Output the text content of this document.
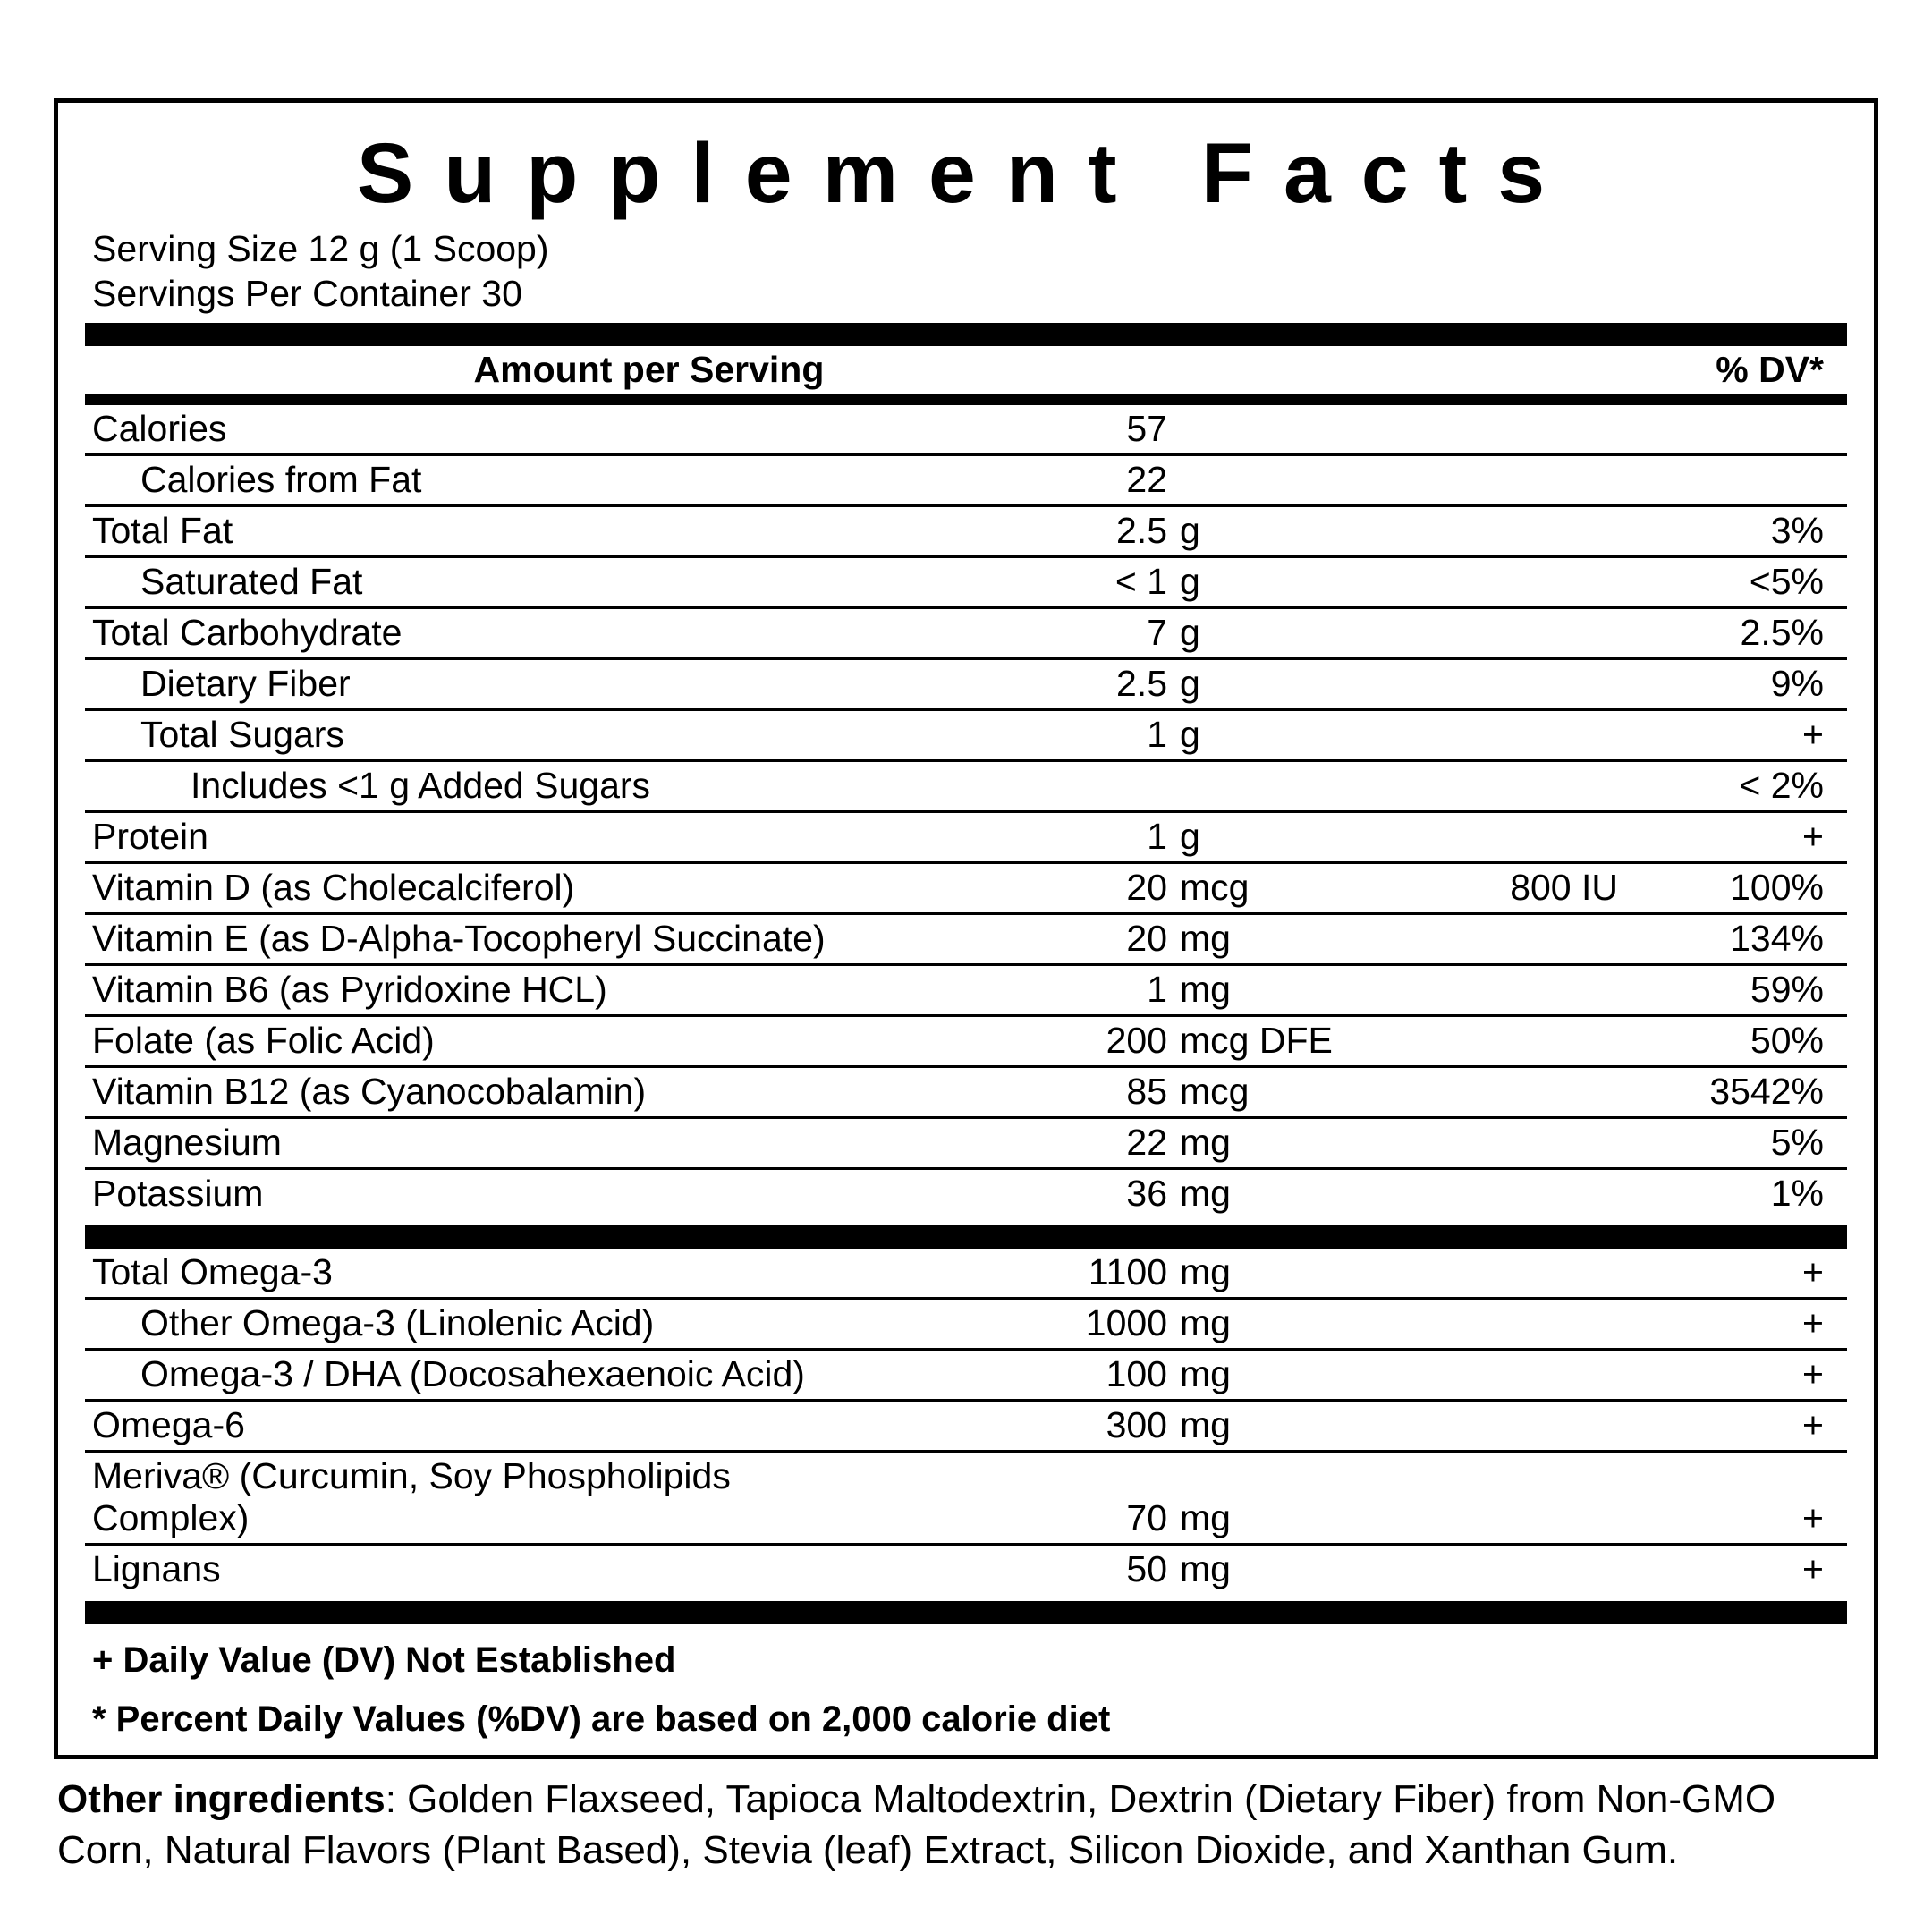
Supplement Facts
Serving Size 12 g (1 Scoop)
Servings Per Container 30
	Amount per Serving		% DV*
Calories	57			
Calories from Fat	22			
Total Fat	2.5	g		3%
Saturated Fat	< 1	g		<5%
Total Carbohydrate	7	g		2.5%
Dietary Fiber	2.5	g		9%
Total Sugars	1	g		+
Includes <1 g Added Sugars				< 2%
Protein	1	g		+
Vitamin D (as Cholecalciferol)	20	mcg	800 IU	100%
Vitamin E (as D-Alpha-Tocopheryl Succinate)	20	mg		134%
Vitamin B6 (as Pyridoxine HCL)	1	mg		59%
Folate (as Folic Acid)	200	mcg DFE		50%
Vitamin B12 (as Cyanocobalamin)	85	mcg		3542%
Magnesium	22	mg		5%
Potassium	36	mg		1%
Total Omega-3	1100	mg		+
Other Omega-3 (Linolenic Acid)	1000	mg		+
Omega-3 / DHA (Docosahexaenoic Acid)	100	mg		+
Omega-6	300	mg		+
Meriva® (Curcumin, Soy Phospholipids Complex)	70	mg		+
Lignans	50	mg		+
+ Daily Value (DV) Not Established
* Percent Daily Values (%DV) are based on 2,000 calorie diet
Other ingredients: Golden Flaxseed, Tapioca Maltodextrin, Dextrin (Dietary Fiber) from Non-GMO Corn, Natural Flavors (Plant Based), Stevia (leaf) Extract, Silicon Dioxide, and Xanthan Gum.
